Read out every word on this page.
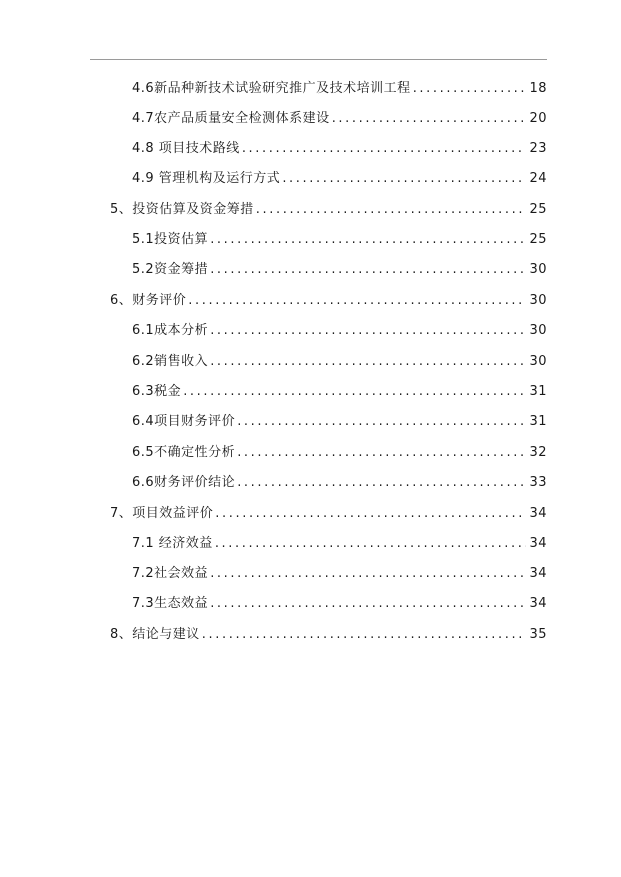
4.6新品种新技术试验研究推广及技术培训工程 .....	18
4.7农产品质量安全检测体系建设 .....	20
4.8 项目技术路线 .....	23
4.9 管理机构及运行方式 .....	24
5、投资估算及资金筹措 .....	25
5.1投资估算 .....	25
5.2资金筹措 .....	30
6、财务评价 .....	30
6.1成本分析 .....	30
6.2销售收入 .....	30
6.3税金 .....	31
6.4项目财务评价 .....	31
6.5不确定性分析 .....	32
6.6财务评价结论 .....	33
7、项目效益评价 .....	34
7.1 经济效益 .....	34
7.2社会效益 .....	34
7.3生态效益 .....	34
8、结论与建议 .....	35
